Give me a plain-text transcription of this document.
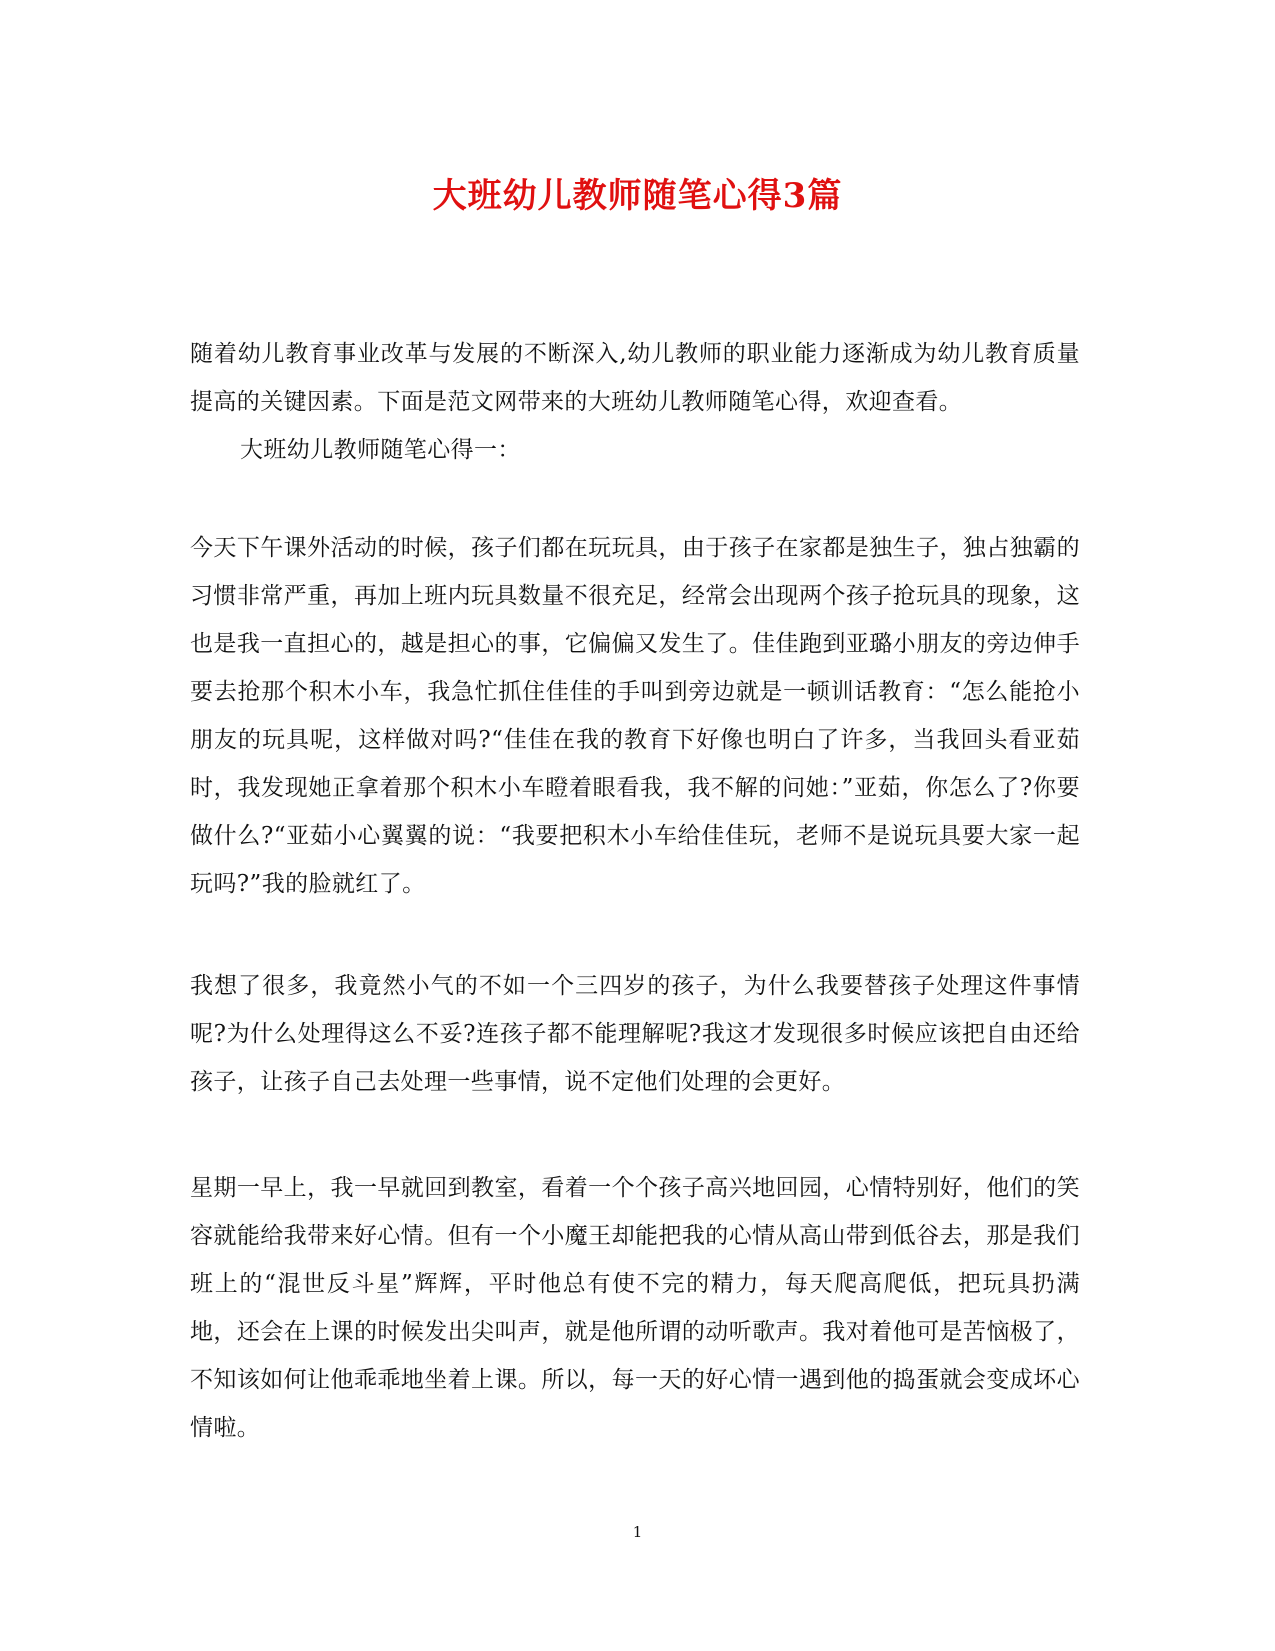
大班幼儿教师随笔心得3篇

随着幼儿教育事业改革与发展的不断深入,幼儿教师的职业能力逐渐成为幼儿教育质量提高的关键因素。下面是范文网带来的大班幼儿教师随笔心得，欢迎查看。

大班幼儿教师随笔心得一：

今天下午课外活动的时候，孩子们都在玩玩具，由于孩子在家都是独生子，独占独霸的习惯非常严重，再加上班内玩具数量不很充足，经常会出现两个孩子抢玩具的现象，这也是我一直担心的，越是担心的事，它偏偏又发生了。佳佳跑到亚璐小朋友的旁边伸手要去抢那个积木小车，我急忙抓住佳佳的手叫到旁边就是一顿训话教育：“怎么能抢小朋友的玩具呢，这样做对吗?“佳佳在我的教育下好像也明白了许多，当我回头看亚茹时，我发现她正拿着那个积木小车瞪着眼看我，我不解的问她：”亚茹，你怎么了?你要做什么?“亚茹小心翼翼的说：“我要把积木小车给佳佳玩，老师不是说玩具要大家一起玩吗?”我的脸就红了。

我想了很多，我竟然小气的不如一个三四岁的孩子，为什么我要替孩子处理这件事情呢?为什么处理得这么不妥?连孩子都不能理解呢?我这才发现很多时候应该把自由还给孩子，让孩子自己去处理一些事情，说不定他们处理的会更好。

星期一早上，我一早就回到教室，看着一个个孩子高兴地回园，心情特别好，他们的笑容就能给我带来好心情。但有一个小魔王却能把我的心情从高山带到低谷去，那是我们班上的“混世反斗星”辉辉，平时他总有使不完的精力，每天爬高爬低，把玩具扔满地，还会在上课的时候发出尖叫声，就是他所谓的动听歌声。我对着他可是苦恼极了，不知该如何让他乖乖地坐着上课。所以，每一天的好心情一遇到他的捣蛋就会变成坏心情啦。

1
